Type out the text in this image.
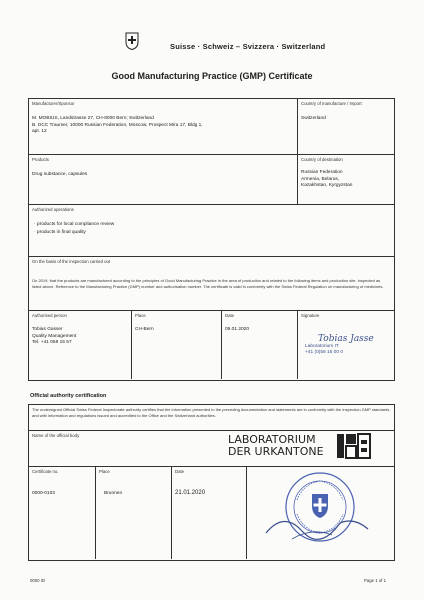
Suisse · Schweiz – Svizzera · Switzerland
Good Manufacturing Practice (GMP) Certificate
Manufacturer/Sponsor
M. MOBIUS, Landstrasse 27, CH-8000 Bern; Switzerland
B. DCC Traumer, 10000 Russian Federation, Moscow, Prospect Mira 17, Bldg 1,
apt. 12
Country of manufacture / Import
Switzerland
Products
Drug substance, capsules
Country of destination
Russian Federation
Armenia, Belarus,
Kazakhstan, Kyrgyzstan
Authorized operations
· products for local compliance review
· products in final quality
On the basis of the inspection carried out
On 2019, that the products are manufactured according to the principles of Good Manufacturing Practice in the area of production and related to the following items and production site, inspected as listed above. Reference to the Manufacturing Practice (GMP) number and authorisation number. The certificate is valid in conformity with the Swiss Federal Regulation on manufacturing of medicines.
Authorised person
Tobias Gasser
Quality Management
Tel. +41 058 15 57
Place
CH-Bern
Date
09.01.2020
Signature
Tobias Jasse
Laboratorium IT
+41 (0)58 15 00 0
Official authority certification
The undersigned Official Swiss Federal Inspectorate authority certifies that the information presented in the preceding documentation and statements are in conformity with the Inspection GMP standards and with information and regulations issued and accredited to the Office and the Switzerland authorities.
Name of the official body	LABORATORIUM
DER URKANTONE
Certificate no.
0000-0103
Place
Brunnen
Date
21.01.2020
0000 ID	Page 1 of 1
